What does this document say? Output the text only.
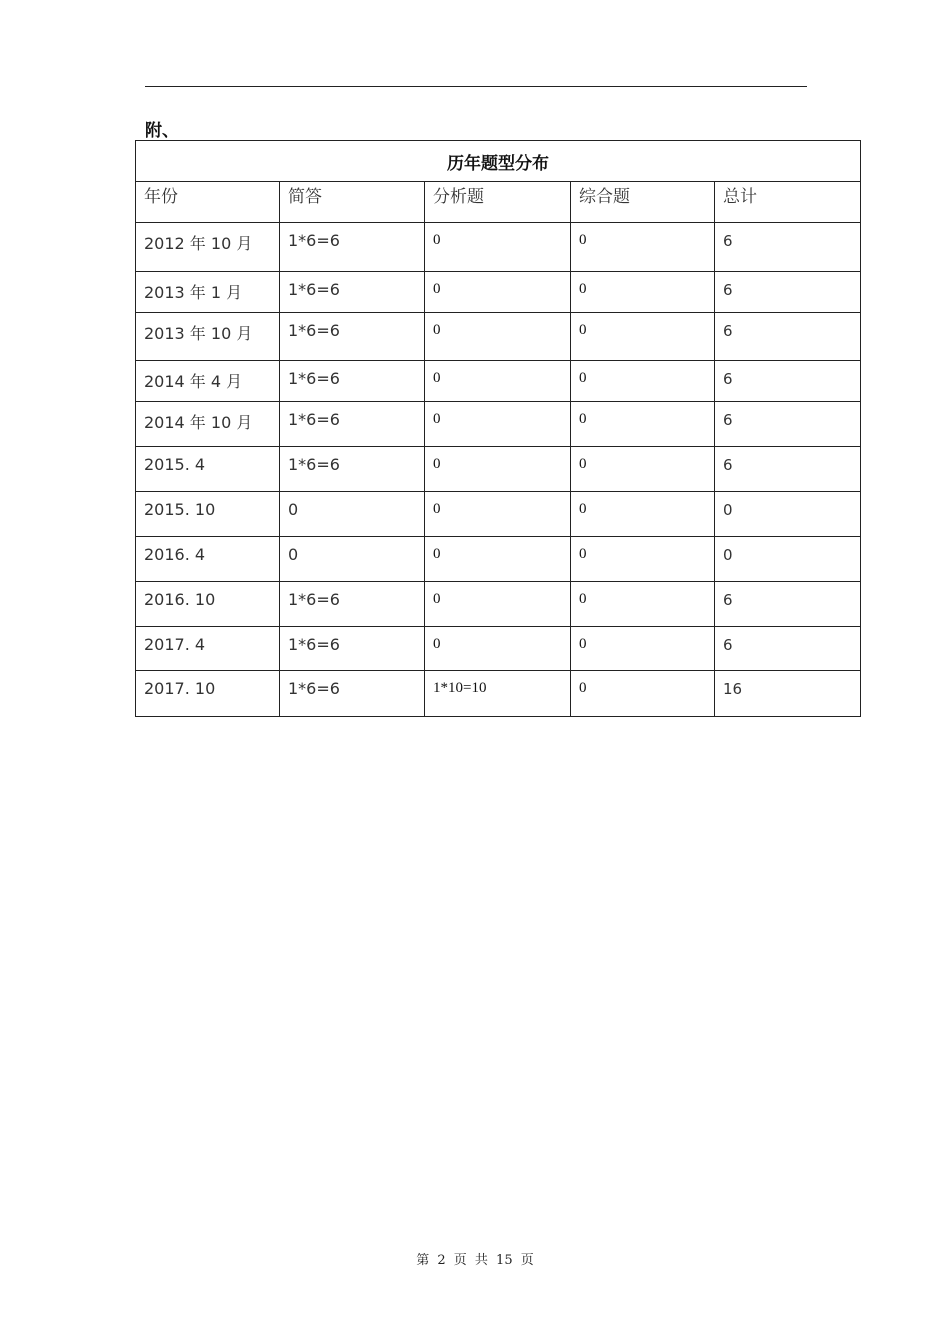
附、
历年题型分布				
年份	简答	分析题	综合题	总计
2012 年 10 月	1*6=6	0	0	6
2013 年 1 月	1*6=6	0	0	6
2013 年 10 月	1*6=6	0	0	6
2014 年 4 月	1*6=6	0	0	6
2014 年 10 月	1*6=6	0	0	6
2015. 4	1*6=6	0	0	6
2015. 10	0	0	0	0
2016. 4	0	0	0	0
2016. 10	1*6=6	0	0	6
2017. 4	1*6=6	0	0	6
2017. 10	1*6=6	1*10=10	0	16
第 2 页 共 15 页
